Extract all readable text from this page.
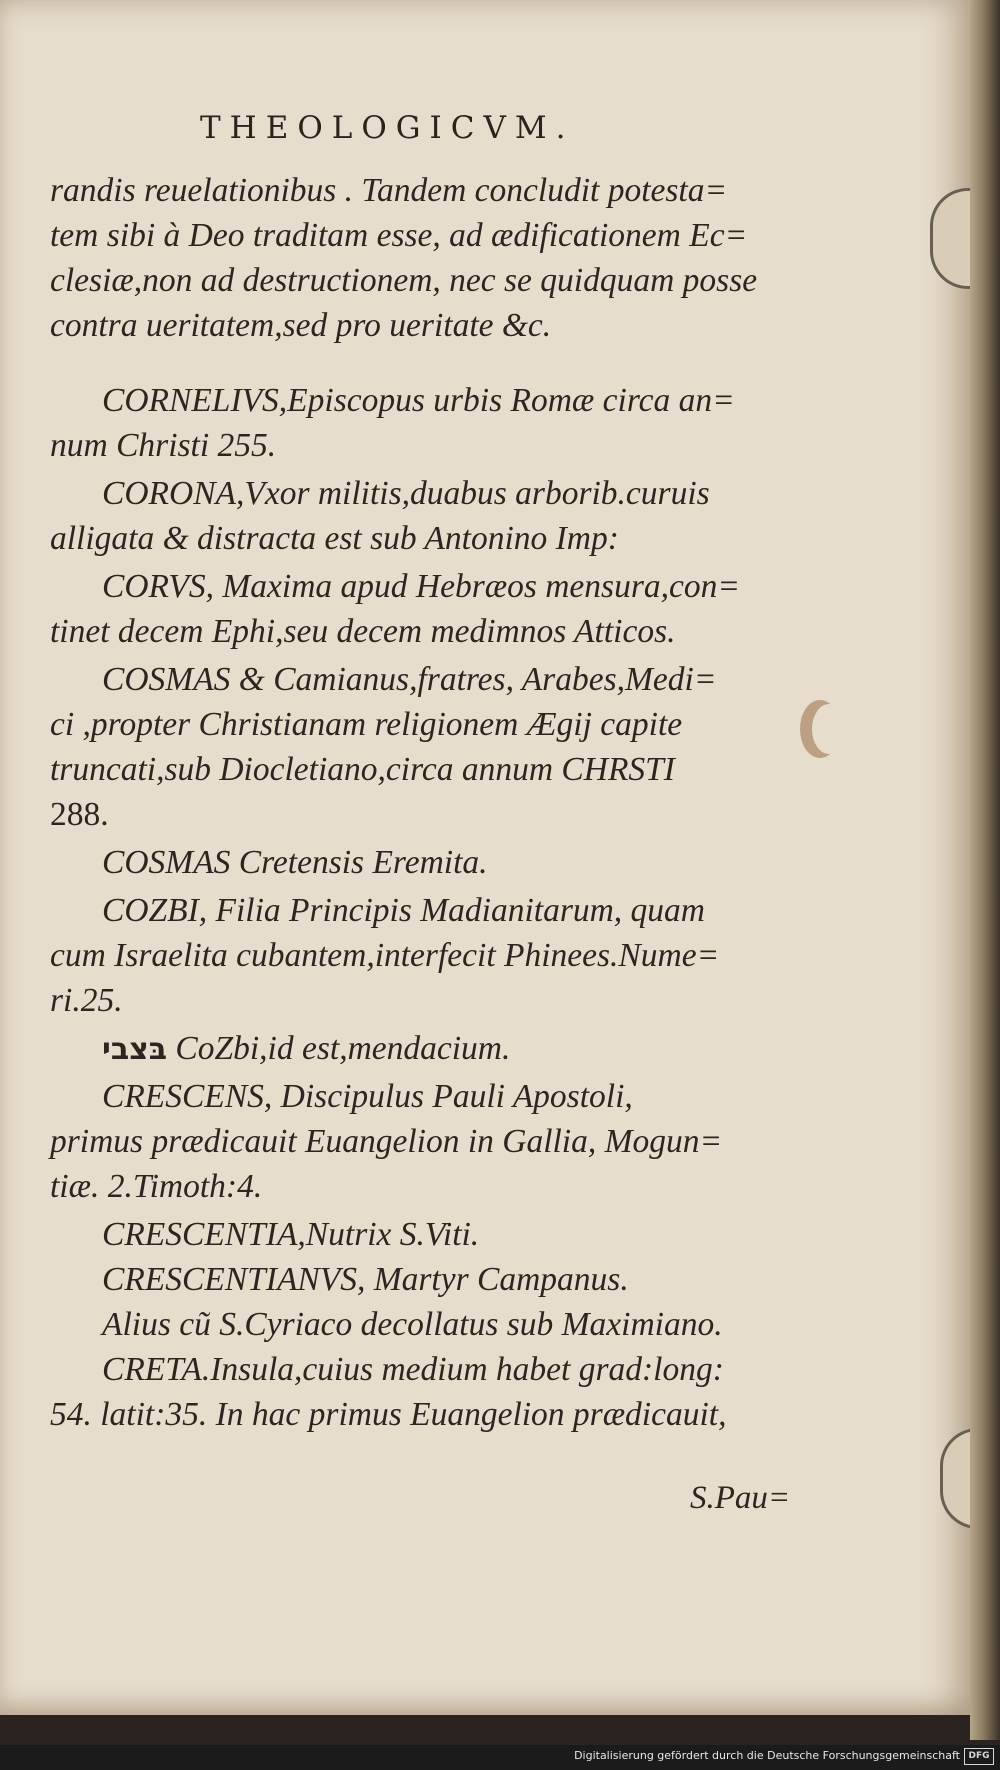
THEOLOGICVM.
randis reuelationibus . Tandem concludit potesta=
tem sibi à Deo traditam esse, ad ædificationem Ec=
clesiæ,non ad destructionem, nec se quidquam posse
contra ueritatem,sed pro ueritate &c.
CORNELIVS,Episcopus urbis Romæ circa an=
num Christi 255.
CORONA,Vxor militis,duabus arborib.curuis
alligata & distracta est sub Antonino Imp:
CORVS, Maxima apud Hebræos mensura,con=
tinet decem Ephi,seu decem medimnos Atticos.
COSMAS & Camianus,fratres, Arabes,Medi=
ci ,propter Christianam religionem Ægij capite
truncati,sub Diocletiano,circa annum CHRSTI
288.
COSMAS Cretensis Eremita.
COZBI, Filia Principis Madianitarum, quam
cum Israelita cubantem,interfecit Phinees.Nume=
ri.25.
בּצבי CoZbi,id est,mendacium.
CRESCENS, Discipulus Pauli Apostoli,
primus prædicauit Euangelion in Gallia, Mogun=
tiæ. 2.Timoth:4.
CRESCENTIA,Nutrix S.Viti.
CRESCENTIANVS, Martyr Campanus.
Alius cũ S.Cyriaco decollatus sub Maximiano.
CRETA.Insula,cuius medium habet grad:long:
54. latit:35. In hac primus Euangelion prædicauit,
S.Pau=
Digitalisierung gefördert durch die Deutsche Forschungsgemeinschaft DFG
